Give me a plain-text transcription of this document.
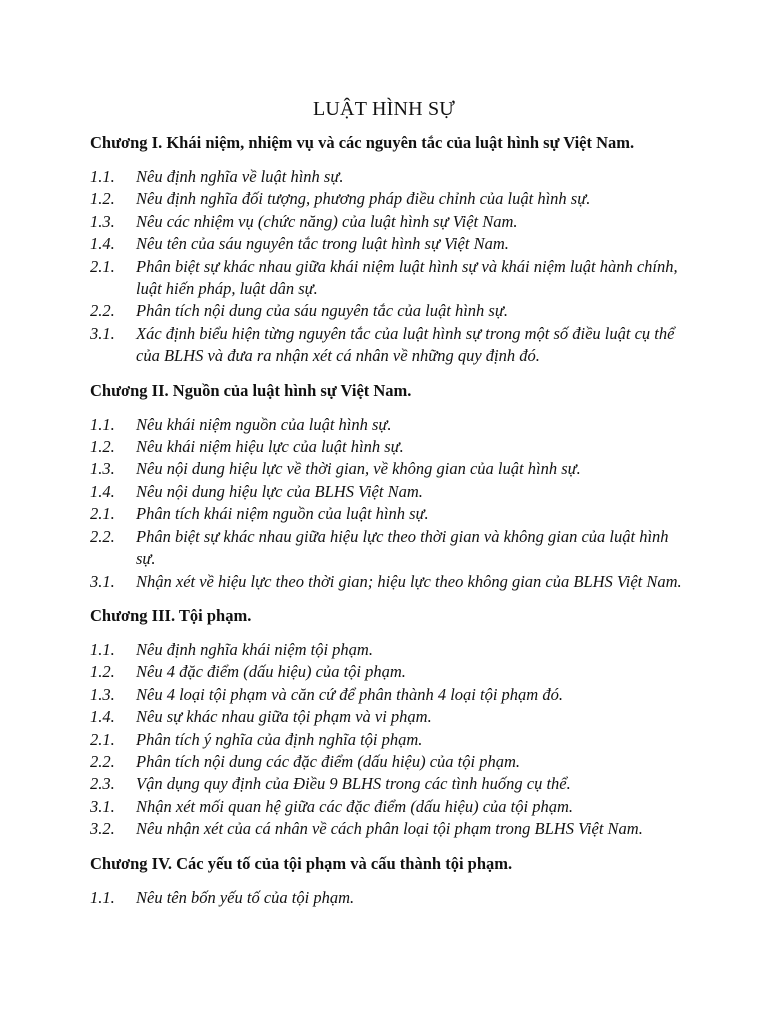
LUẬT HÌNH SỰ
Chương I. Khái niệm, nhiệm vụ và các nguyên tắc của luật hình sự Việt Nam.
1.1.	Nêu định nghĩa về luật hình sự.
1.2.	Nêu định nghĩa đối tượng, phương pháp điều chỉnh của luật hình sự.
1.3.	Nêu các nhiệm vụ (chức năng) của luật hình sự Việt Nam.
1.4.	Nêu tên của sáu nguyên tắc trong luật hình sự Việt Nam.
2.1.	Phân biệt sự khác nhau giữa khái niệm luật hình sự và khái niệm luật hành chính, luật hiến pháp, luật dân sự.
2.2.	Phân tích nội dung của sáu nguyên tắc của luật hình sự.
3.1.	Xác định biểu hiện từng nguyên tắc của luật hình sự trong một số điều luật cụ thể của BLHS và đưa ra nhận xét cá nhân về những quy định đó.
Chương II. Nguồn của luật hình sự Việt Nam.
1.1.	Nêu khái niệm nguồn của luật hình sự.
1.2.	Nêu khái niệm hiệu lực của luật hình sự.
1.3.	Nêu nội dung hiệu lực về thời gian, về không gian của luật hình sự.
1.4.	Nêu nội dung hiệu lực của BLHS Việt Nam.
2.1.	Phân tích khái niệm nguồn của luật hình sự.
2.2.	Phân biệt sự khác nhau giữa hiệu lực theo thời gian và không gian của luật hình sự.
3.1.	Nhận xét về hiệu lực theo thời gian; hiệu lực theo không gian của BLHS Việt Nam.
Chương III. Tội phạm.
1.1.	Nêu định nghĩa khái niệm tội phạm.
1.2.	Nêu 4 đặc điểm (dấu hiệu) của tội phạm.
1.3.	Nêu 4 loại tội phạm và căn cứ để phân thành 4 loại tội phạm đó.
1.4.	Nêu sự khác nhau giữa tội phạm và vi phạm.
2.1.	Phân tích ý nghĩa của định nghĩa tội phạm.
2.2.	Phân tích nội dung các đặc điểm (dấu hiệu) của tội phạm.
2.3.	Vận dụng quy định của Điều 9 BLHS trong các tình huống cụ thể.
3.1.	Nhận xét mối quan hệ giữa các đặc điểm (dấu hiệu) của tội phạm.
3.2.	Nêu nhận xét của cá nhân về cách phân loại tội phạm trong BLHS Việt Nam.
Chương IV. Các yếu tố của tội phạm và cấu thành tội phạm.
1.1.	Nêu tên bốn yếu tố của tội phạm.
